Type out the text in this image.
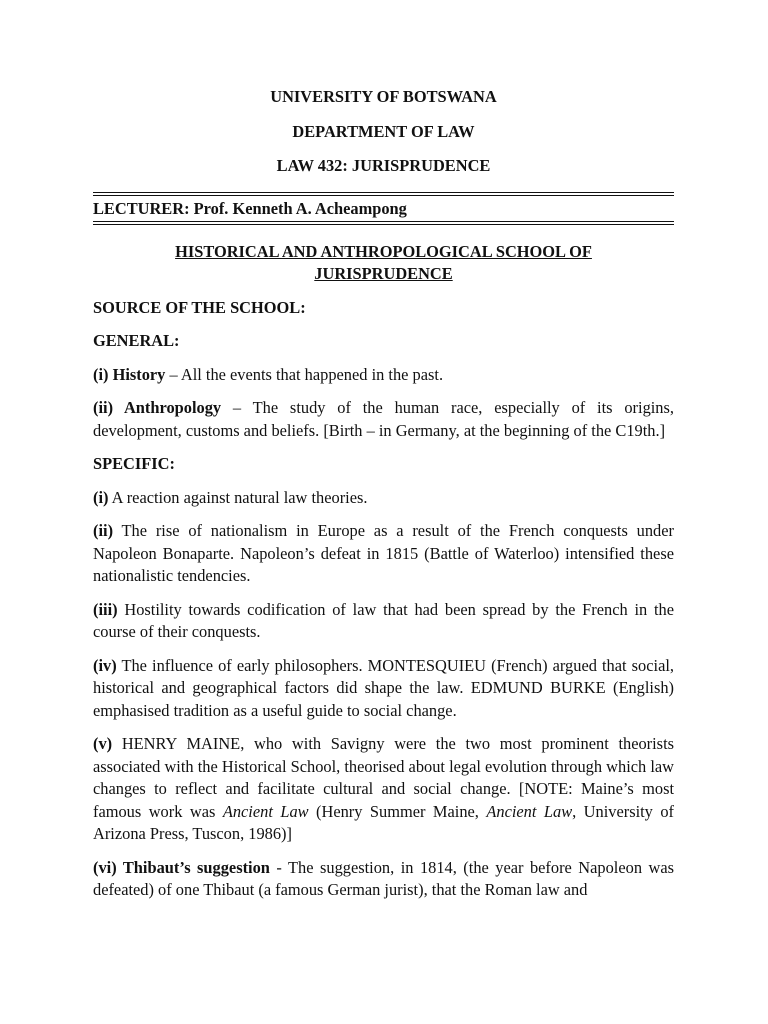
UNIVERSITY OF BOTSWANA

DEPARTMENT OF LAW

LAW 432: JURISPRUDENCE

LECTURER: Prof. Kenneth A. Acheampong

HISTORICAL AND ANTHROPOLOGICAL SCHOOL OF

JURISPRUDENCE

SOURCE OF THE SCHOOL:

GENERAL:

(i) History – All the events that happened in the past.

(ii) Anthropology – The study of the human race, especially of its origins, development, customs and beliefs. [Birth – in Germany, at the beginning of the C19th.]

SPECIFIC:

(i) A reaction against natural law theories.

(ii) The rise of nationalism in Europe as a result of the French conquests under Napoleon Bonaparte. Napoleon’s defeat in 1815 (Battle of Waterloo) intensified these nationalistic tendencies.

(iii) Hostility towards codification of law that had been spread by the French in the course of their conquests.

(iv) The influence of early philosophers. MONTESQUIEU (French) argued that social, historical and geographical factors did shape the law. EDMUND BURKE (English) emphasised tradition as a useful guide to social change.

(v) HENRY MAINE, who with Savigny were the two most prominent theorists associated with the Historical School, theorised about legal evolution through which law changes to reflect and facilitate cultural and social change. [NOTE: Maine’s most famous work was Ancient Law (Henry Summer Maine, Ancient Law, University of Arizona Press, Tuscon, 1986)]

(vi) Thibaut’s suggestion - The suggestion, in 1814, (the year before Napoleon was defeated) of one Thibaut (a famous German jurist), that the Roman law and
